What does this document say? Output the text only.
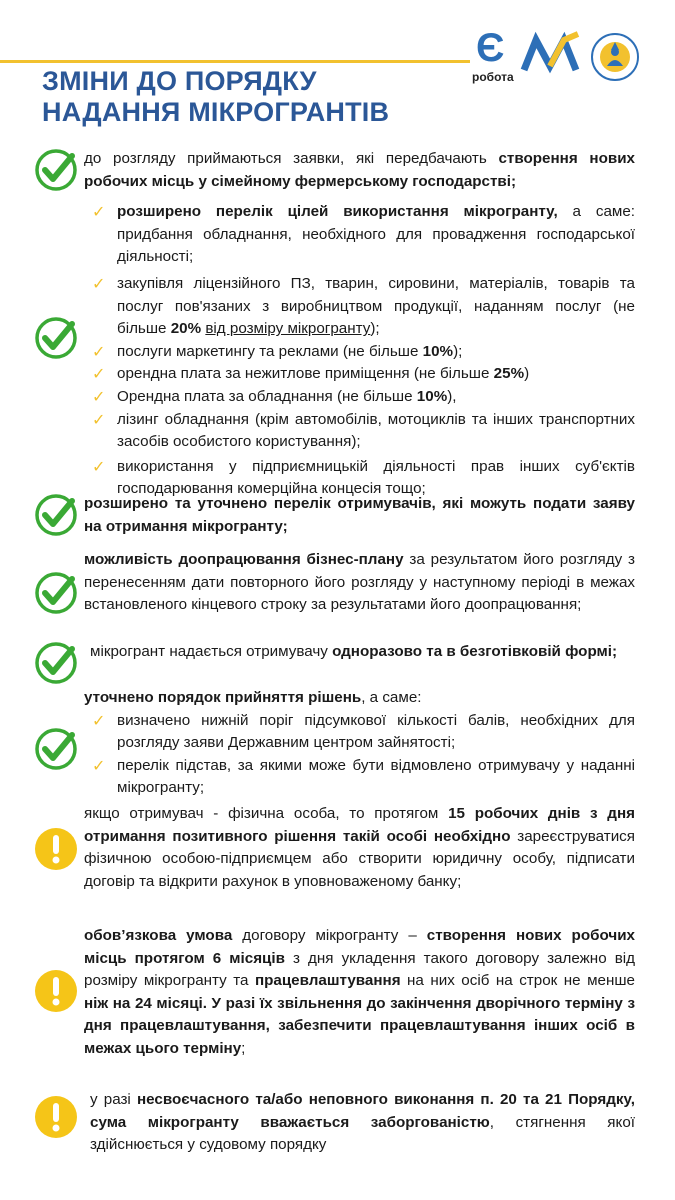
ЗМІНИ ДО ПОРЯДКУ
НАДАННЯ МІКРОГРАНТІВ
Є
робота

до розгляду приймаються заявки, які передбачають створення нових робочих місць у сімейному фермерському господарстві;

✓ розширено перелік цілей використання мікрогранту, а саме: придбання обладнання, необхідного для провадження господарської діяльності;

✓ закупівля ліцензійного ПЗ, тварин, сировини, матеріалів, товарів та послуг пов'язаних з виробництвом продукції, наданням послуг (не більше 20% від розміру мікрогранту);

✓ послуги маркетингу та реклами (не більше 10%);

✓ орендна плата за нежитлове приміщення (не більше 25%)

✓ Орендна плата за обладнання (не більше 10%),

✓ лізинг обладнання (крім автомобілів, мотоциклів та інших транспортних засобів особистого користування);

✓ використання у підприємницькій діяльності прав інших суб'єктів господарювання комерційна концесія тощо;

розширено та уточнено перелік отримувачів, які можуть подати заяву на отримання мікрогранту;

можливість доопрацювання бізнес-плану за результатом його розгляду з перенесенням дати повторного його розгляду у наступному періоді в межах встановленого кінцевого строку за результатами його доопрацювання;

мікрогрант надається отримувачу одноразово та в безготівковій формі;

уточнено порядок прийняття рішень, а саме:

✓ визначено нижній поріг підсумкової кількості балів, необхідних для розгляду заяви Державним центром зайнятості;

✓ перелік підстав, за якими може бути відмовлено отримувачу у наданні мікрогранту;

якщо отримувач - фізична особа, то протягом 15 робочих днів з дня отримання позитивного рішення такій особі необхідно зареєструватися фізичною особою-підприємцем або створити юридичну особу, підписати договір та відкрити рахунок в уповноваженому банку;

обов’язкова умова договору мікрогранту – створення нових робочих місць протягом 6 місяців з дня укладення такого договору залежно від розміру мікрогранту та працевлаштування на них осіб на строк не менше ніж на 24 місяці. У разі їх звільнення до закінчення дворічного терміну з дня працевлаштування, забезпечити працевлаштування інших осіб в межах цього терміну;

у разі несвоєчасного та/або неповного виконання п. 20 та 21 Порядку, сума мікрогранту вважається заборгованістю, стягнення якої здійснюється у судовому порядку
